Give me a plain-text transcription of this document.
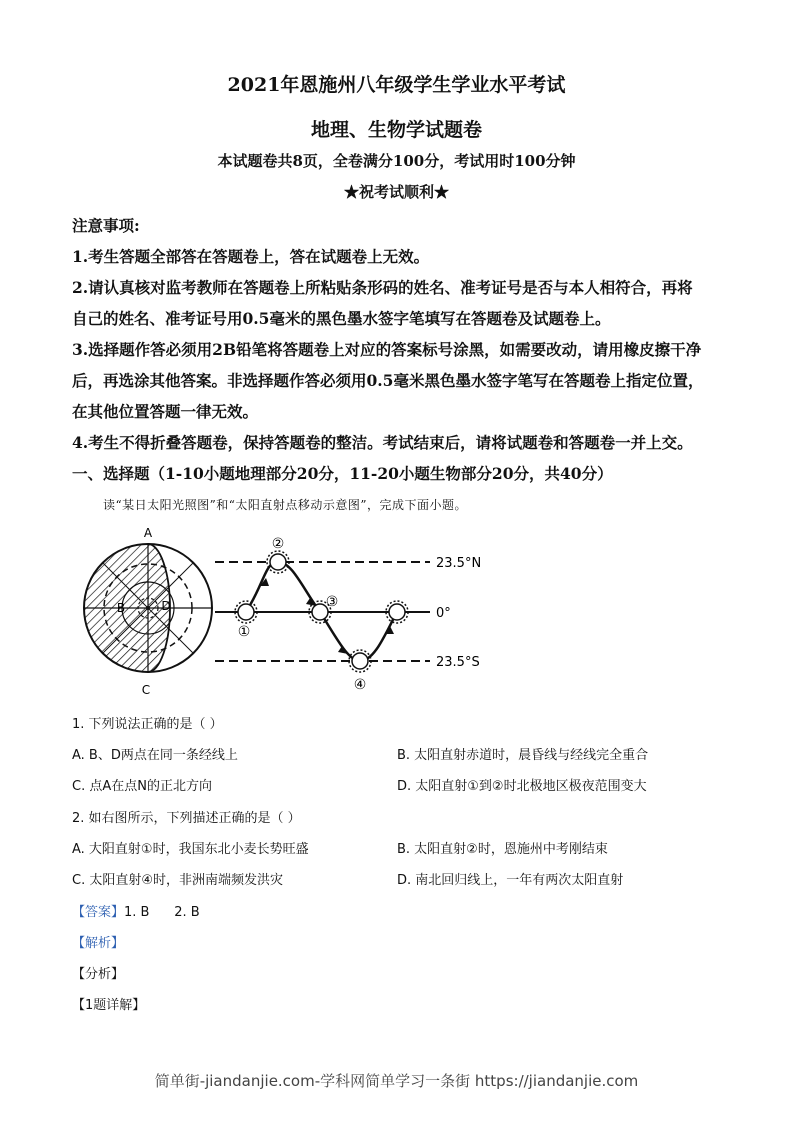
2021年恩施州八年级学生学业水平考试
地理、生物学试题卷
本试题卷共8页，全卷满分100分，考试用时100分钟
★祝考试顺利★
注意事项:
1.考生答题全部答在答题卷上，答在试题卷上无效。
2.请认真核对监考教师在答题卷上所粘贴条形码的姓名、准考证号是否与本人相符合，再将
自己的姓名、准考证号用0.5毫米的黑色墨水签字笔填写在答题卷及试题卷上。
3.选择题作答必须用2B铅笔将答题卷上对应的答案标号涂黑，如需要改动，请用橡皮擦干净
后，再选涂其他答案。非选择题作答必须用0.5毫米黑色墨水签字笔写在答题卷上指定位置，
在其他位置答题一律无效。
4.考生不得折叠答题卷，保持答题卷的整洁。考试结束后，请将试题卷和答题卷一并上交。
一、选择题（1-10小题地理部分20分，11-20小题生物部分20分，共40分）
读“某日太阳光照图”和“太阳直射点移动示意图”，完成下面小题。
A
B
C
D
①
②
③
④
23.5°N
0°
23.5°S
1. 下列说法正确的是（ ）
A. B、D两点在同一条经线上	B. 太阳直射赤道时，晨昏线与经线完全重合
C. 点A在点N的正北方向	D. 太阳直射①到②时北极地区极夜范围变大
2. 如右图所示，下列描述正确的是（ ）
A. 大阳直射①时，我国东北小麦长势旺盛	B. 太阳直射②时，恩施州中考刚结束
C. 太阳直射④时，非洲南端频发洪灾	D. 南北回归线上，一年有两次太阳直射
【答案】1. B      2. B
【解析】
【分析】
【1题详解】
简单街-jiandanjie.com-学科网简单学习一条街 https://jiandanjie.com
